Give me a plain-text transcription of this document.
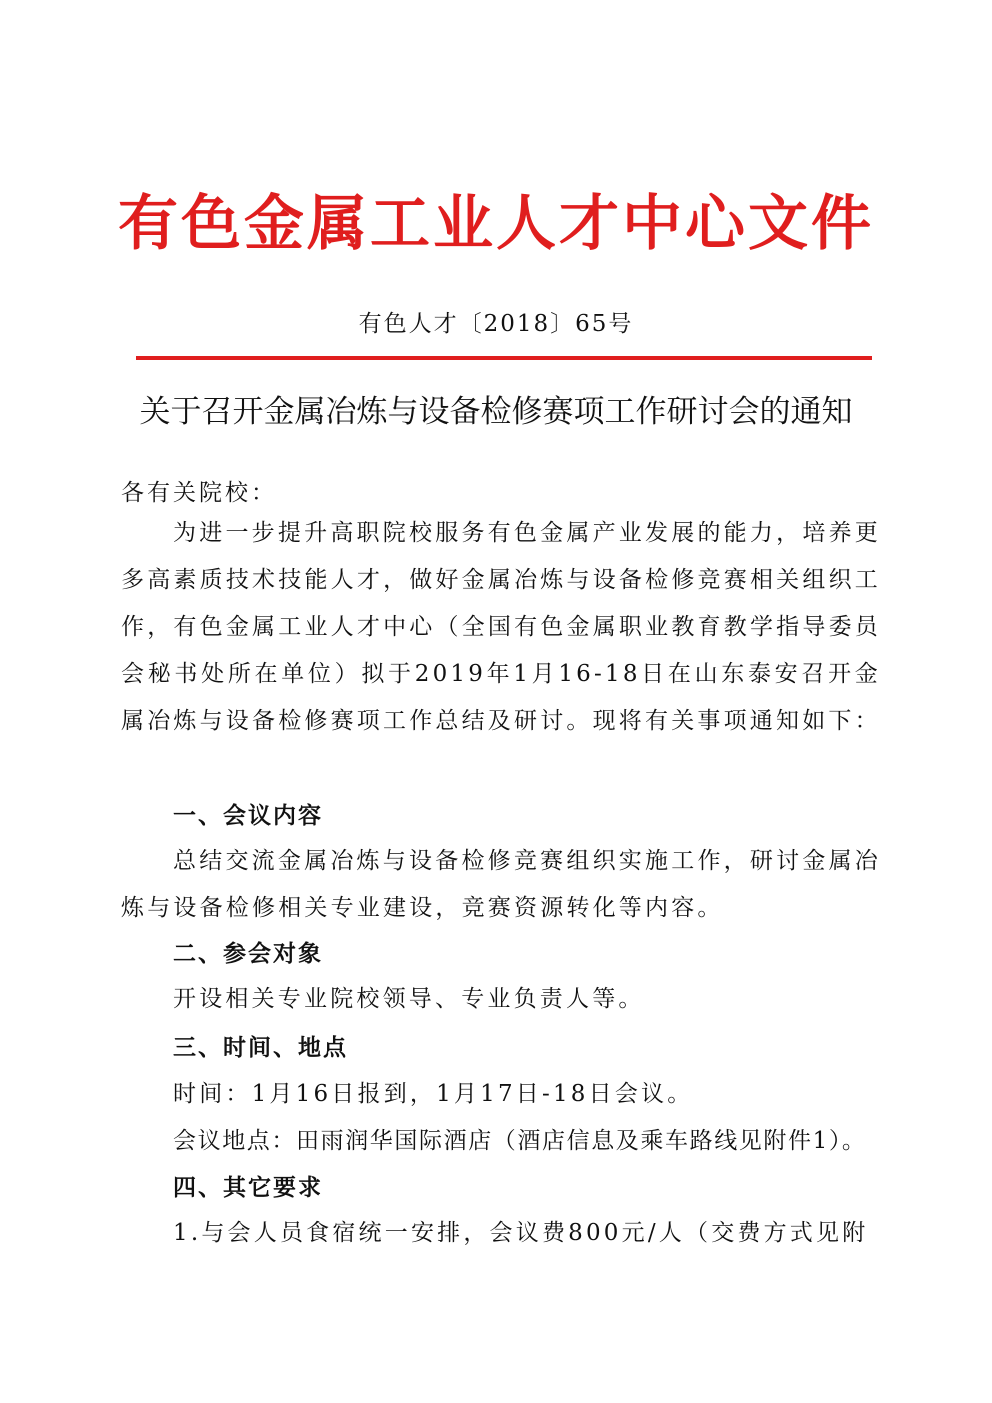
有色金属工业人才中心文件
有色人才〔2018〕65号
关于召开金属冶炼与设备检修赛项工作研讨会的通知
各有关院校：
为进一步提升高职院校服务有色金属产业发展的能力，培养更多高素质技术技能人才，做好金属冶炼与设备检修竞赛相关组织工作，有色金属工业人才中心（全国有色金属职业教育教学指导委员会秘书处所在单位）拟于2019年1月16-18日在山东泰安召开金属冶炼与设备检修赛项工作总结及研讨。现将有关事项通知如下：
一、会议内容
总结交流金属冶炼与设备检修竞赛组织实施工作，研讨金属冶炼与设备检修相关专业建设，竞赛资源转化等内容。
二、参会对象
开设相关专业院校领导、专业负责人等。
三、时间、地点
时间：1月16日报到，1月17日-18日会议。
会议地点：田雨润华国际酒店（酒店信息及乘车路线见附件1）。
四、其它要求
1.与会人员食宿统一安排，会议费800元/人（交费方式见附
